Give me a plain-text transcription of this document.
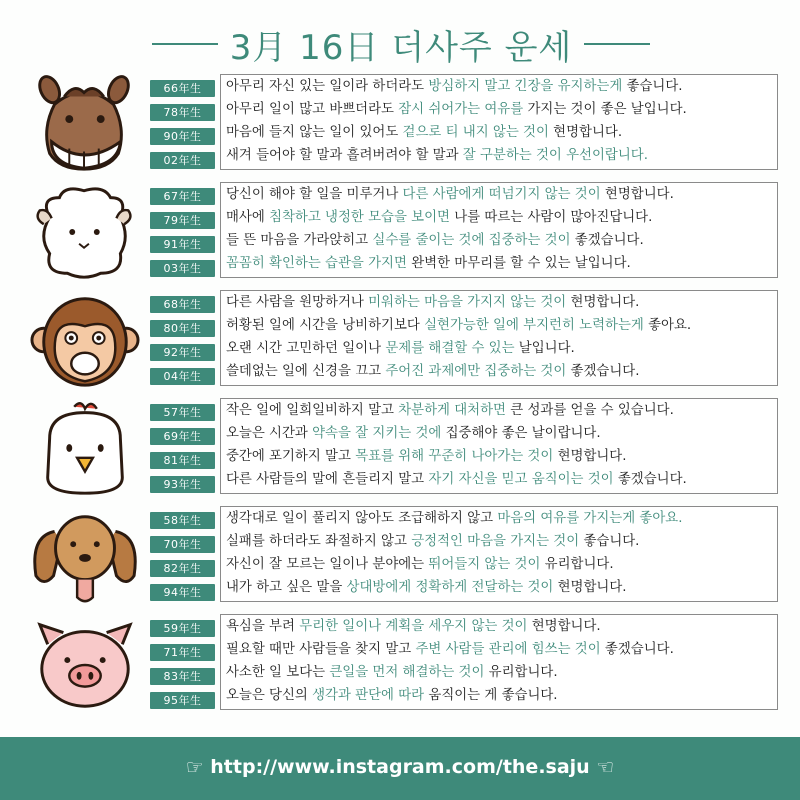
3月 16日 더사주 운세
66年生
78年生
90年生
02年生
아무리 자신 있는 일이라 하더라도 방심하지 말고 긴장을 유지하는게 좋습니다.
아무리 일이 많고 바쁘더라도 잠시 쉬어가는 여유를 가지는 것이 좋은 날입니다.
마음에 들지 않는 일이 있어도 겉으로 티 내지 않는 것이 현명합니다.
새겨 들어야 할 말과 흘려버려야 할 말과 잘 구분하는 것이 우선이랍니다.
67年生
79年生
91年生
03年生
당신이 해야 할 일을 미루거나 다른 사람에게 떠넘기지 않는 것이 현명합니다.
매사에 침착하고 냉정한 모습을 보이면 나를 따르는 사람이 많아진답니다.
들 뜬 마음을 가라앉히고 실수를 줄이는 것에 집중하는 것이 좋겠습니다.
꼼꼼히 확인하는 습관을 가지면 완벽한 마무리를 할 수 있는 날입니다.
68年生
80年生
92年生
04年生
다른 사람을 원망하거나 미워하는 마음을 가지지 않는 것이 현명합니다.
허황된 일에 시간을 낭비하기보다 실현가능한 일에 부지런히 노력하는게 좋아요.
오랜 시간 고민하던 일이나 문제를 해결할 수 있는 날입니다.
쓸데없는 일에 신경을 끄고 주어진 과제에만 집중하는 것이 좋겠습니다.
57年生
69年生
81年生
93年生
작은 일에 일희일비하지 말고 차분하게 대처하면 큰 성과를 얻을 수 있습니다.
오늘은 시간과 약속을 잘 지키는 것에 집중해야 좋은 날이랍니다.
중간에 포기하지 말고 목표를 위해 꾸준히 나아가는 것이 현명합니다.
다른 사람들의 말에 흔들리지 말고 자기 자신을 믿고 움직이는 것이 좋겠습니다.
58年生
70年生
82年生
94年生
생각대로 일이 풀리지 않아도 조급해하지 않고 마음의 여유를 가지는게 좋아요.
실패를 하더라도 좌절하지 않고 긍정적인 마음을 가지는 것이 좋습니다.
자신이 잘 모르는 일이나 분야에는 뛰어들지 않는 것이 유리합니다.
내가 하고 싶은 말을 상대방에게 정확하게 전달하는 것이 현명합니다.
59年生
71年生
83年生
95年生
욕심을 부려 무리한 일이나 계획을 세우지 않는 것이 현명합니다.
필요할 때만 사람들을 찾지 말고 주변 사람들 관리에 힘쓰는 것이 좋겠습니다.
사소한 일 보다는 큰일을 먼저 해결하는 것이 유리합니다.
오늘은 당신의 생각과 판단에 따라 움직이는 게 좋습니다.
☞ http://www.instagram.com/the.saju ☜
